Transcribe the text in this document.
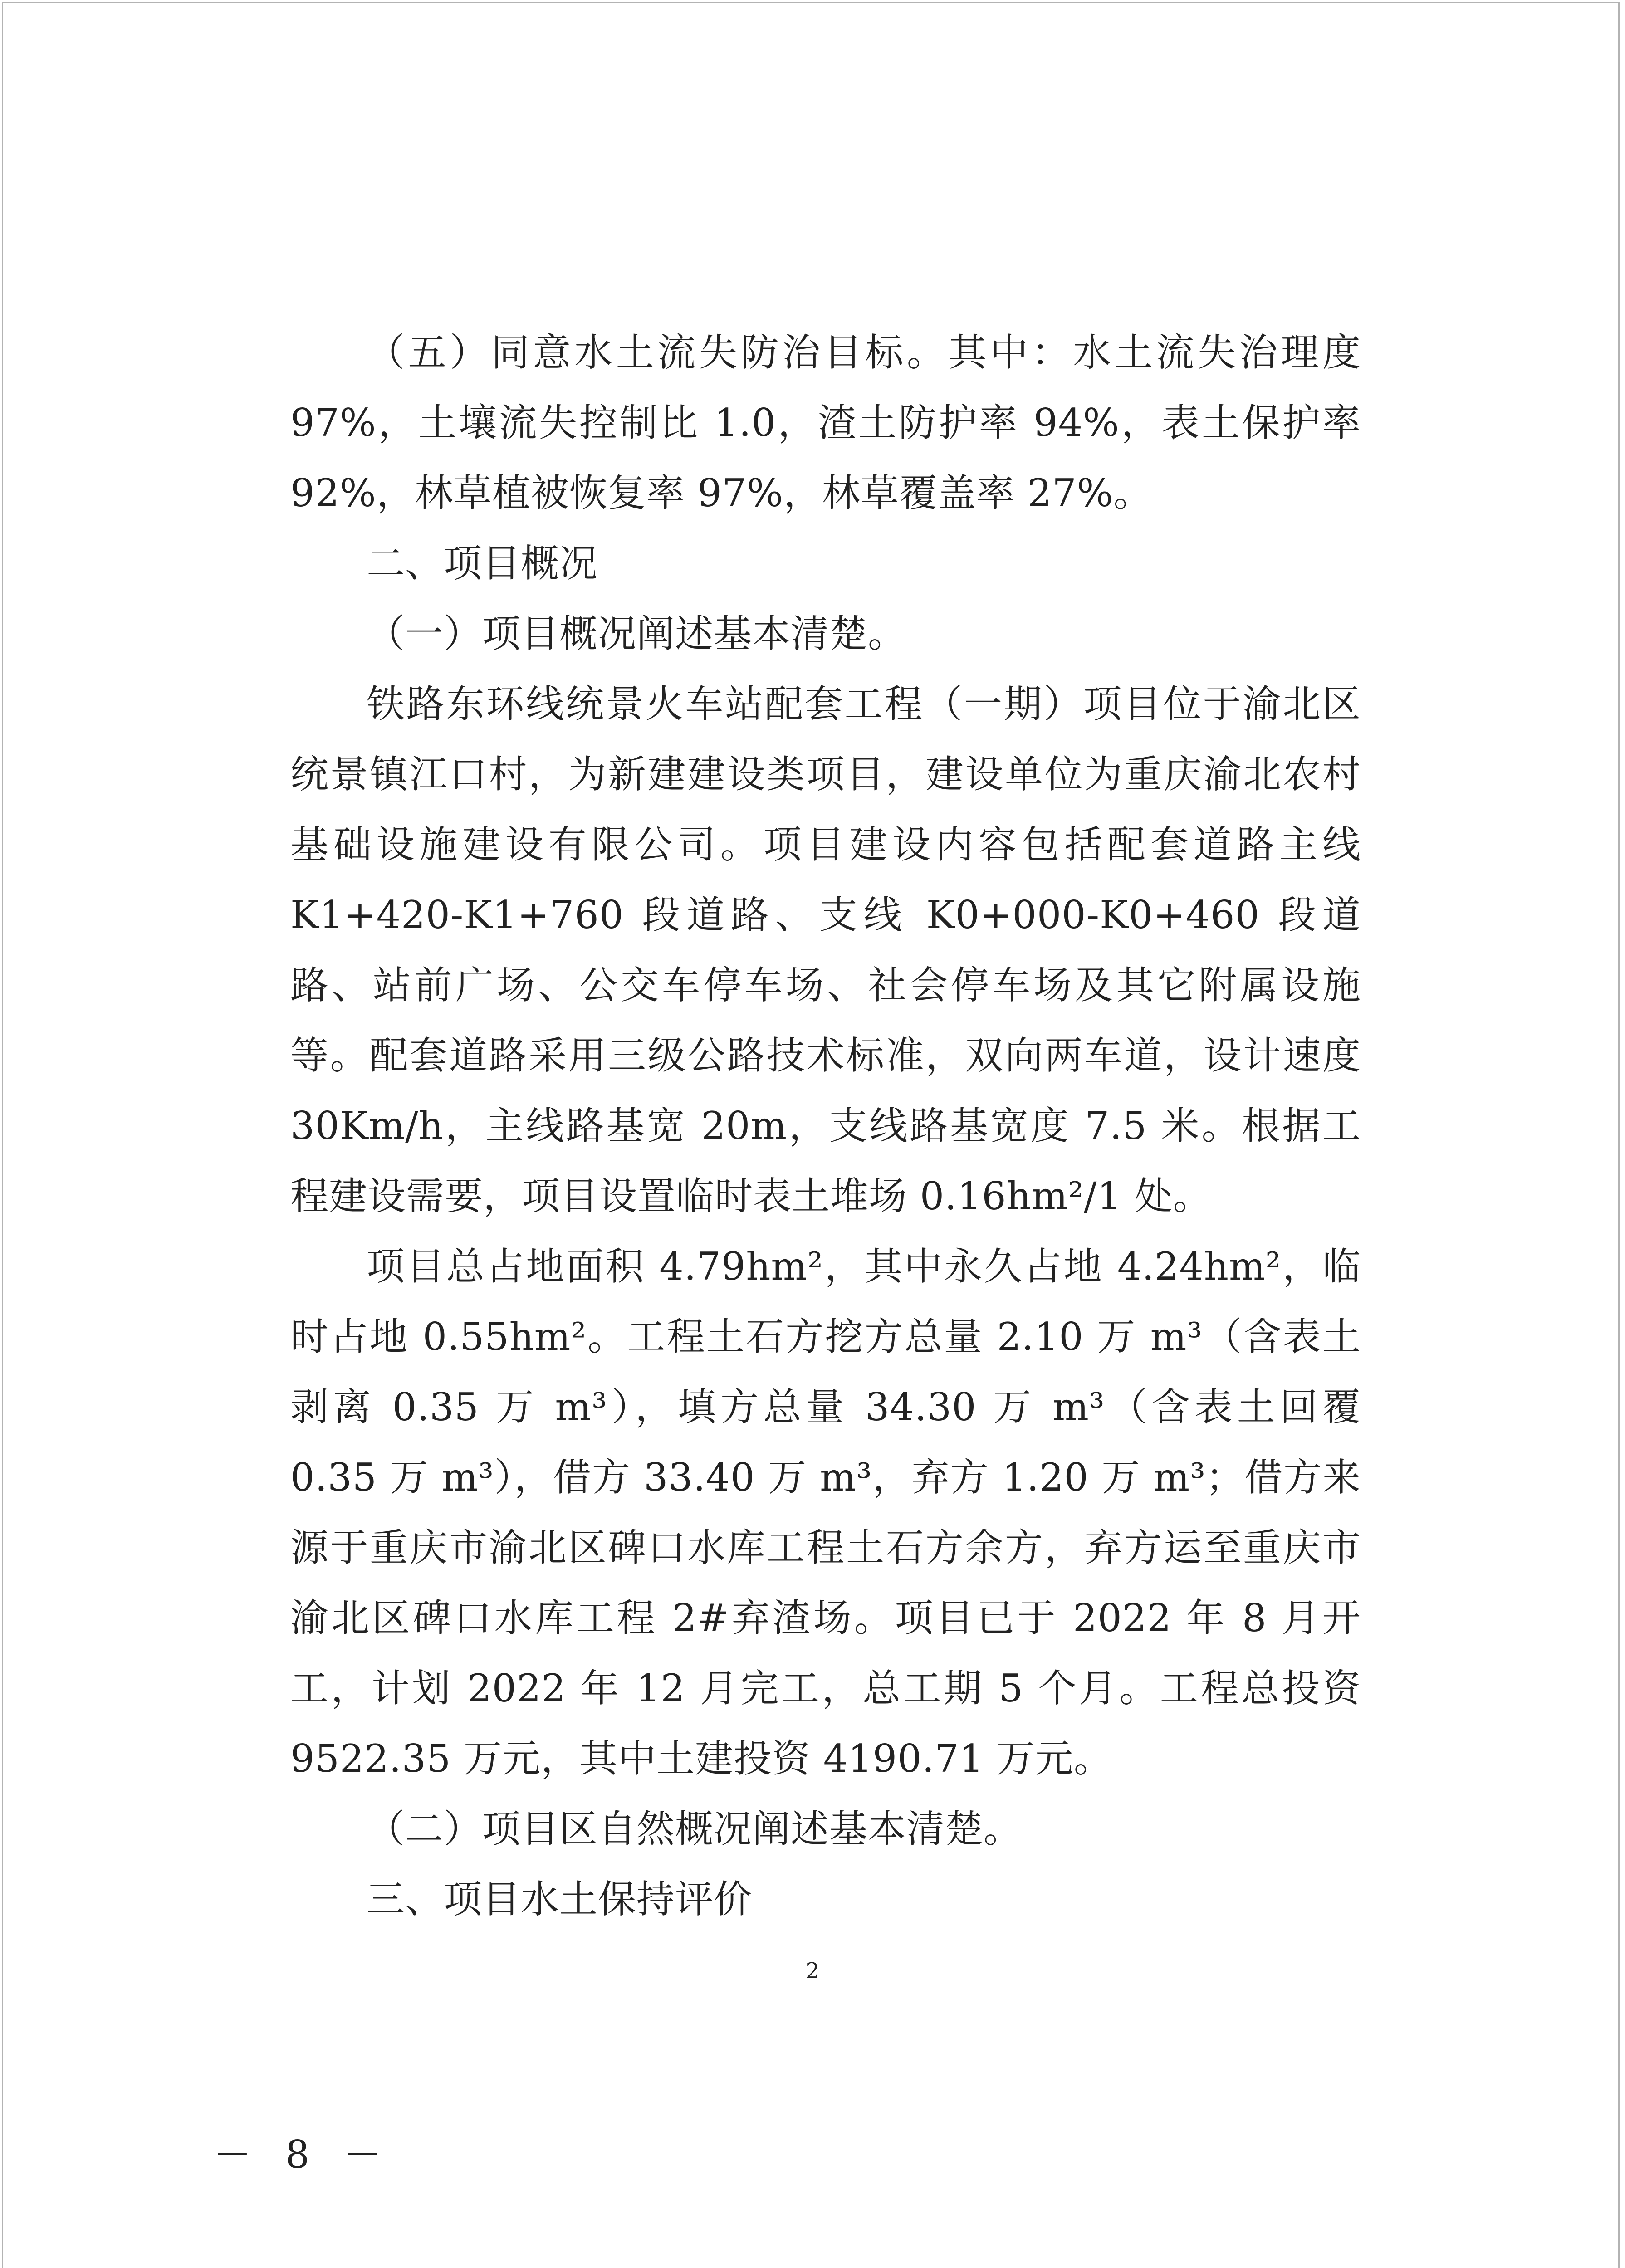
（五）同意水土流失防治目标。其中：水土流失治理度 97%，土壤流失控制比 1.0，渣土防护率 94%，表土保护率 92%，林草植被恢复率 97%，林草覆盖率 27%。

二、项目概况

（一）项目概况阐述基本清楚。

铁路东环线统景火车站配套工程（一期）项目位于渝北区统景镇江口村，为新建建设类项目，建设单位为重庆渝北农村基础设施建设有限公司。项目建设内容包括配套道路主线 K1+420-K1+760 段道路、支线 K0+000-K0+460 段道路、站前广场、公交车停车场、社会停车场及其它附属设施等。配套道路采用三级公路技术标准，双向两车道，设计速度 30Km/h，主线路基宽 20m，支线路基宽度 7.5 米。根据工程建设需要，项目设置临时表土堆场 0.16hm²/1 处。

项目总占地面积 4.79hm²，其中永久占地 4.24hm²，临时占地 0.55hm²。工程土石方挖方总量 2.10 万 m³（含表土剥离 0.35 万 m³），填方总量 34.30 万 m³（含表土回覆 0.35 万 m³），借方 33.40 万 m³，弃方 1.20 万 m³；借方来源于重庆市渝北区碑口水库工程土石方余方，弃方运至重庆市渝北区碑口水库工程 2#弃渣场。项目已于 2022 年 8 月开工，计划 2022 年 12 月完工，总工期 5 个月。工程总投资 9522.35 万元，其中土建投资 4190.71 万元。

（二）项目区自然概况阐述基本清楚。

三、项目水土保持评价

2
－ 8 －
